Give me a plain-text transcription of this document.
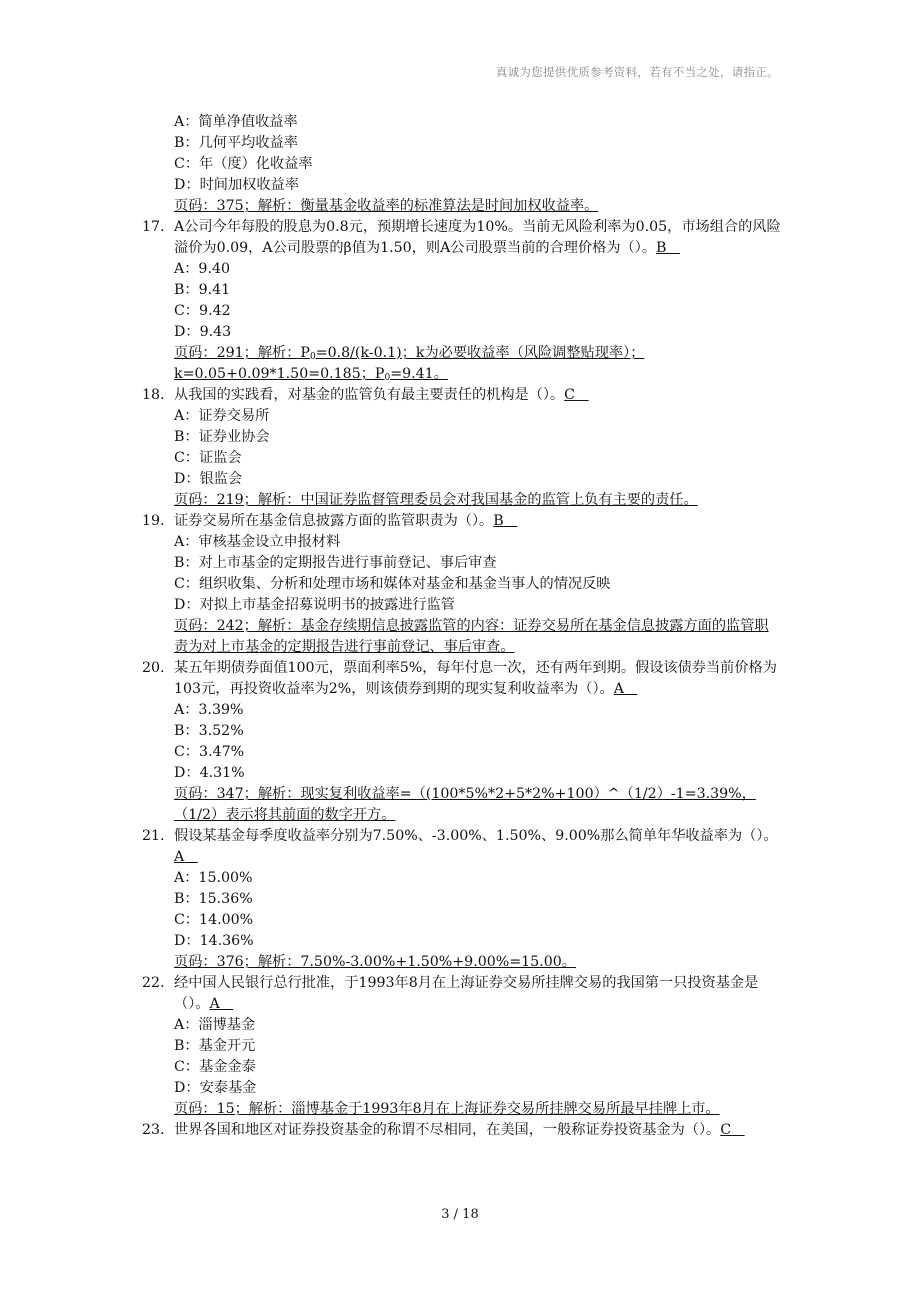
真诚为您提供优质参考资料，若有不当之处，请指正。
A：简单净值收益率
B：几何平均收益率
C：年（度）化收益率
D：时间加权收益率
页码：375；解析：衡量基金收益率的标准算法是时间加权收益率。
17. A公司今年每股的股息为0.8元，预期增长速度为10%。当前无风险利率为0.05，市场组合的风险溢价为0.09，A公司股票的β值为1.50，则A公司股票当前的合理价格为（）。B
A：9.40
B：9.41
C：9.42
D：9.43
页码：291；解析：$P_0=0.8/(k-0.1)$；k为必要收益率（风险调整贴现率）；
k=0.05+0.09*1.50=0.185；$P_0=9.41$。
18. 从我国的实践看，对基金的监管负有最主要责任的机构是（）。C
A：证券交易所
B：证券业协会
C：证监会
D：银监会
页码：219；解析：中国证券监督管理委员会对我国基金的监管上负有主要的责任。
19. 证券交易所在基金信息披露方面的监管职责为（）。B
A：审核基金设立申报材料
B：对上市基金的定期报告进行事前登记、事后审查
C：组织收集、分析和处理市场和媒体对基金和基金当事人的情况反映
D：对拟上市基金招募说明书的披露进行监管
页码：242；解析：基金存续期信息披露监管的内容：证券交易所在基金信息披露方面的监管职责为对上市基金的定期报告进行事前登记、事后审查。
20. 某五年期债券面值100元，票面利率5%，每年付息一次，还有两年到期。假设该债券当前价格为103元，再投资收益率为2%，则该债券到期的现实复利收益率为（）。A
A：3.39%
B：3.52%
C：3.47%
D：4.31%
页码：347；解析：现实复利收益率=（(100*5%*2+5*2%+100）^（1/2）-1=3.39%，（1/2）表示将其前面的数字开方。
21. 假设某基金每季度收益率分别为7.50%、-3.00%、1.50%、9.00%那么简单年华收益率为（）。A
A：15.00%
B：15.36%
C：14.00%
D：14.36%
页码：376；解析：7.50%-3.00%+1.50%+9.00%=15.00。
22. 经中国人民银行总行批准，于1993年8月在上海证券交易所挂牌交易的我国第一只投资基金是（）。A
A：淄博基金
B：基金开元
C：基金金泰
D：安泰基金
页码：15；解析：淄博基金于1993年8月在上海证券交易所挂牌交易所最早挂牌上市。
23. 世界各国和地区对证券投资基金的称谓不尽相同，在美国，一般称证券投资基金为（）。C
3 / 18
